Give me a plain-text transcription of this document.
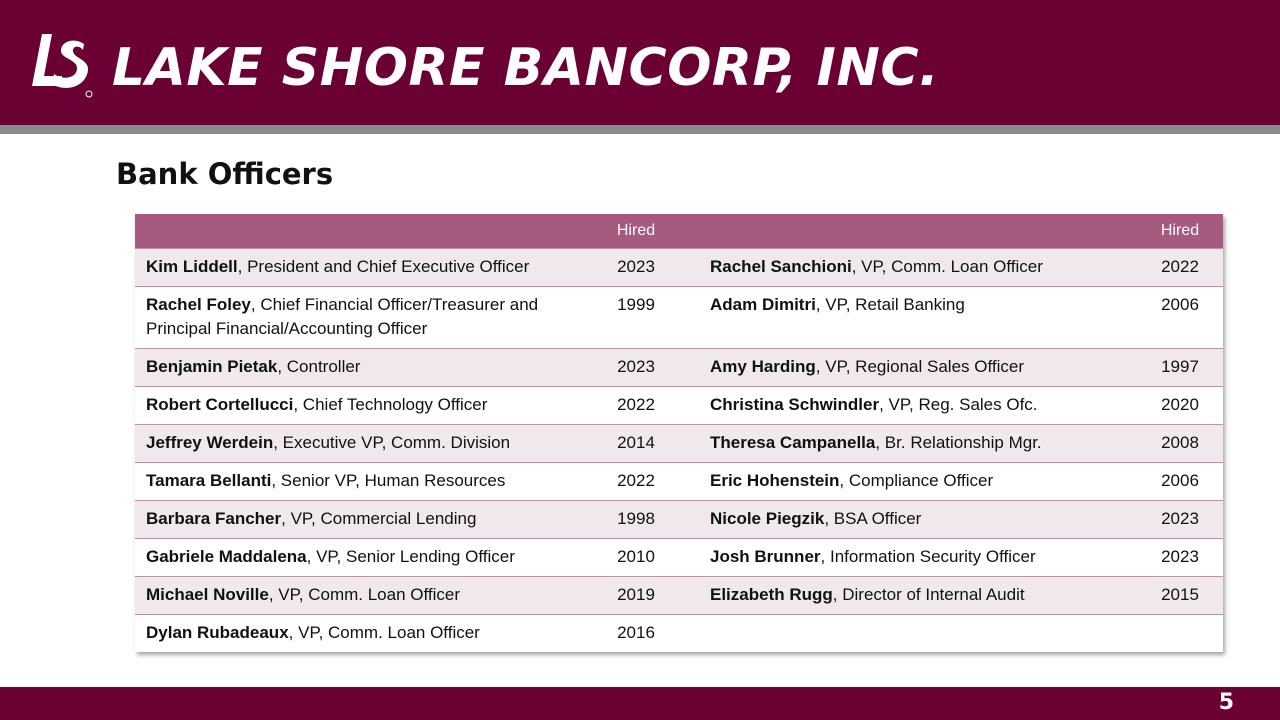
LAKE SHORE BANCORP, INC.
Bank Officers
	Hired			Hired
Kim Liddell, President and Chief Executive Officer	2023		Rachel Sanchioni, VP, Comm. Loan Officer	2022
Rachel Foley, Chief Financial Officer/Treasurer and Principal Financial/Accounting Officer	1999		Adam Dimitri, VP, Retail Banking	2006
Benjamin Pietak, Controller	2023		Amy Harding, VP, Regional Sales Officer	1997
Robert Cortellucci, Chief Technology Officer	2022		Christina Schwindler, VP, Reg. Sales Ofc.	2020
Jeffrey Werdein, Executive VP, Comm. Division	2014		Theresa Campanella, Br. Relationship Mgr.	2008
Tamara Bellanti, Senior VP, Human Resources	2022		Eric Hohenstein, Compliance Officer	2006
Barbara Fancher, VP, Commercial Lending	1998		Nicole Piegzik, BSA Officer	2023
Gabriele Maddalena, VP, Senior Lending Officer	2010		Josh Brunner, Information Security Officer	2023
Michael Noville, VP, Comm. Loan Officer	2019		Elizabeth Rugg, Director of Internal Audit	2015
Dylan Rubadeaux, VP, Comm. Loan Officer	2016			
5
